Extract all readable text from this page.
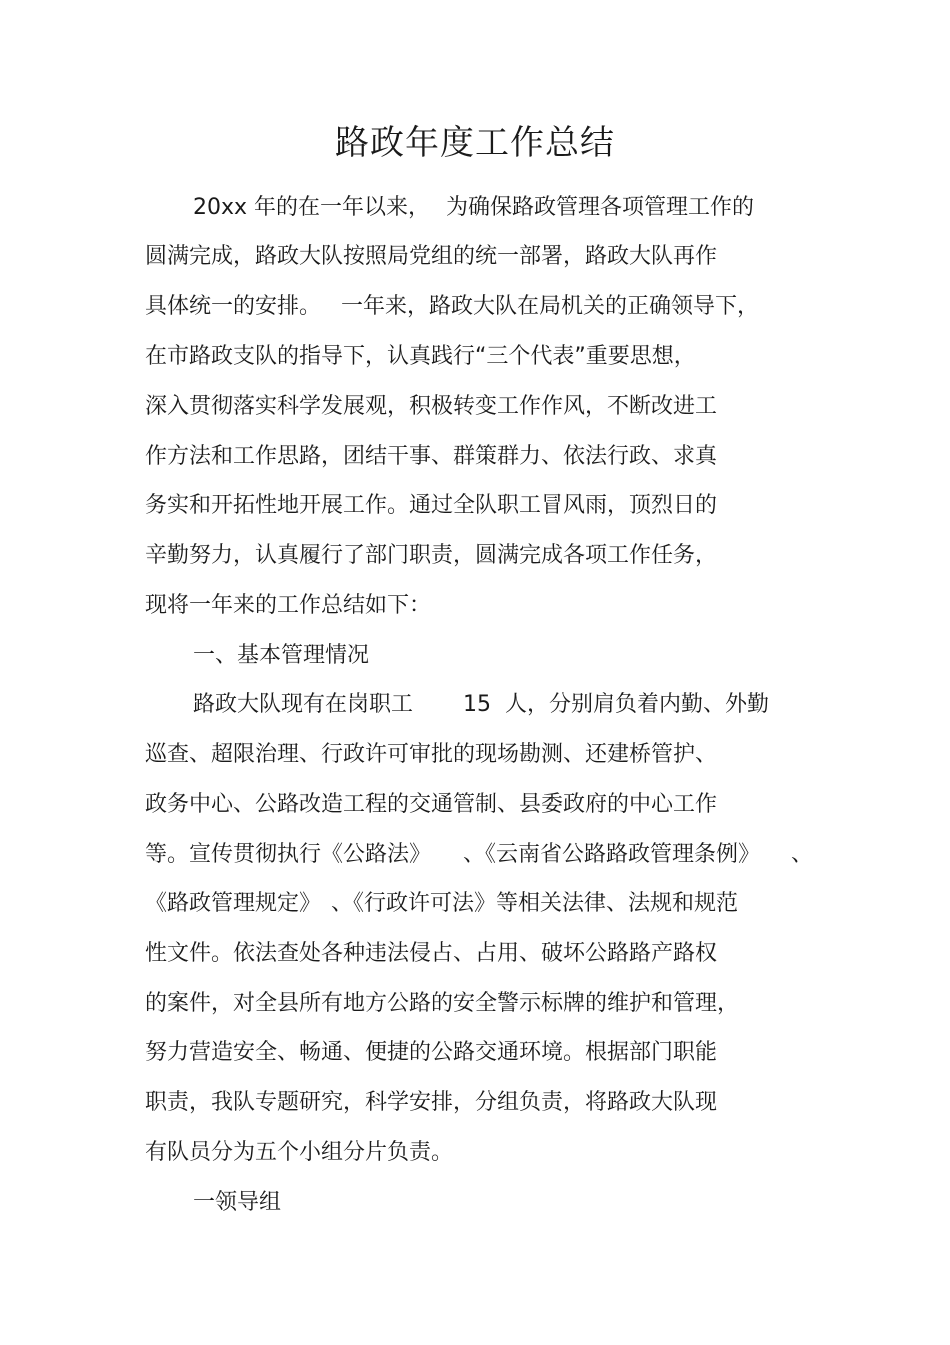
路政年度工作总结
20xx 年的在一年以来， 为确保路政管理各项管理工作的
圆满完成，路政大队按照局党组的统一部署，路政大队再作
具体统一的安排。 一年来，路政大队在局机关的正确领导下，
在市路政支队的指导下，认真践行“三个代表”重要思想，
深入贯彻落实科学发展观，积极转变工作作风，不断改进工
作方法和工作思路，团结干事、群策群力、依法行政、求真
务实和开拓性地开展工作。通过全队职工冒风雨，顶烈日的
辛勤努力，认真履行了部门职责，圆满完成各项工作任务，
现将一年来的工作总结如下：
一、基本管理情况
路政大队现有在岗职工 15 人，分别肩负着内勤、外勤
巡查、超限治理、行政许可审批的现场勘测、还建桥管护、
政务中心、公路改造工程的交通管制、县委政府的中心工作
等。宣传贯彻执行《公路法》 、《云南省公路路政管理条例》 、
《路政管理规定》 、《行政许可法》等相关法律、法规和规范
性文件。依法查处各种违法侵占、占用、破坏公路路产路权
的案件，对全县所有地方公路的安全警示标牌的维护和管理，
努力营造安全、畅通、便捷的公路交通环境。根据部门职能
职责，我队专题研究，科学安排，分组负责，将路政大队现
有队员分为五个小组分片负责。
一领导组
